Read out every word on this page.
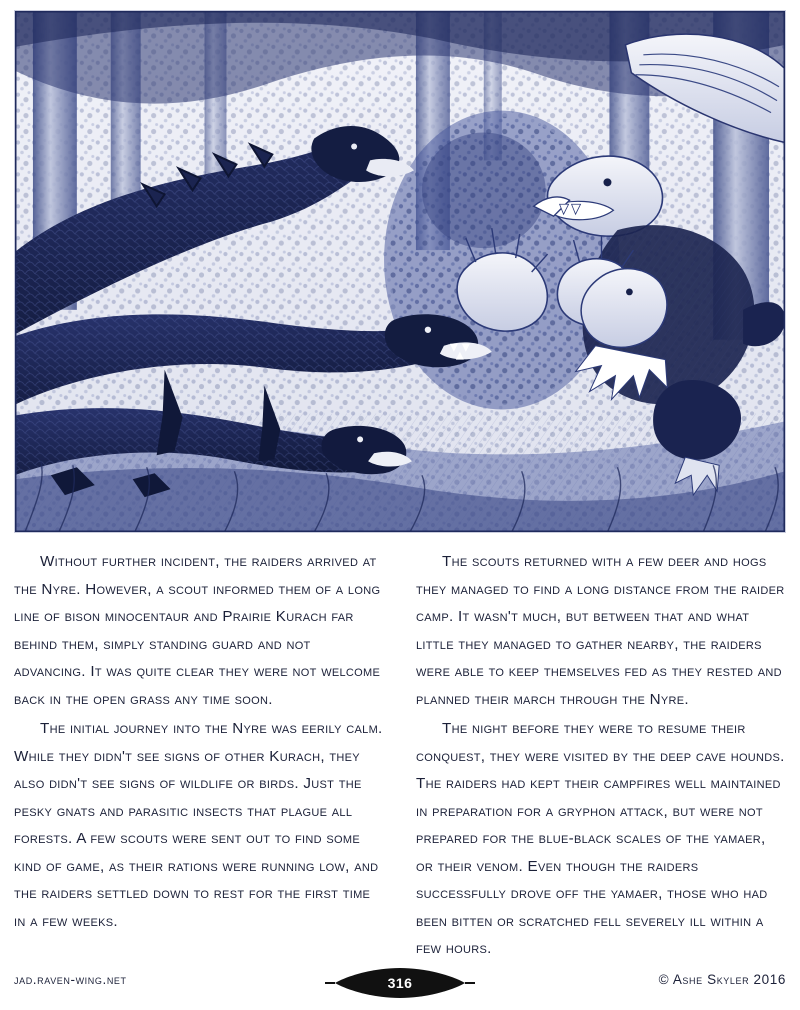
Without further incident, the raiders arrived at the Nyre. However, a scout informed them of a long line of bison minocentaur and Prairie Kurach far behind them, simply standing guard and not advancing. It was quite clear they were not welcome back in the open grass any time soon.

The initial journey into the Nyre was eerily calm. While they didn't see signs of other Kurach, they also didn't see signs of wildlife or birds. Just the pesky gnats and parasitic insects that plague all forests. A few scouts were sent out to find some kind of game, as their rations were running low, and the raiders settled down to rest for the first time in a few weeks.

The scouts returned with a few deer and hogs they managed to find a long distance from the raider camp. It wasn't much, but between that and what little they managed to gather nearby, the raiders were able to keep themselves fed as they rested and planned their march through the Nyre.

The night before they were to resume their conquest, they were visited by the deep cave hounds. The raiders had kept their campfires well maintained in preparation for a gryphon attack, but were not prepared for the blue-black scales of the yamaer, or their venom. Even though the raiders successfully drove off the yamaer, those who had been bitten or scratched fell severely ill within a few hours.

jad.raven-wing.net	316	© Ashe Skyler 2016
